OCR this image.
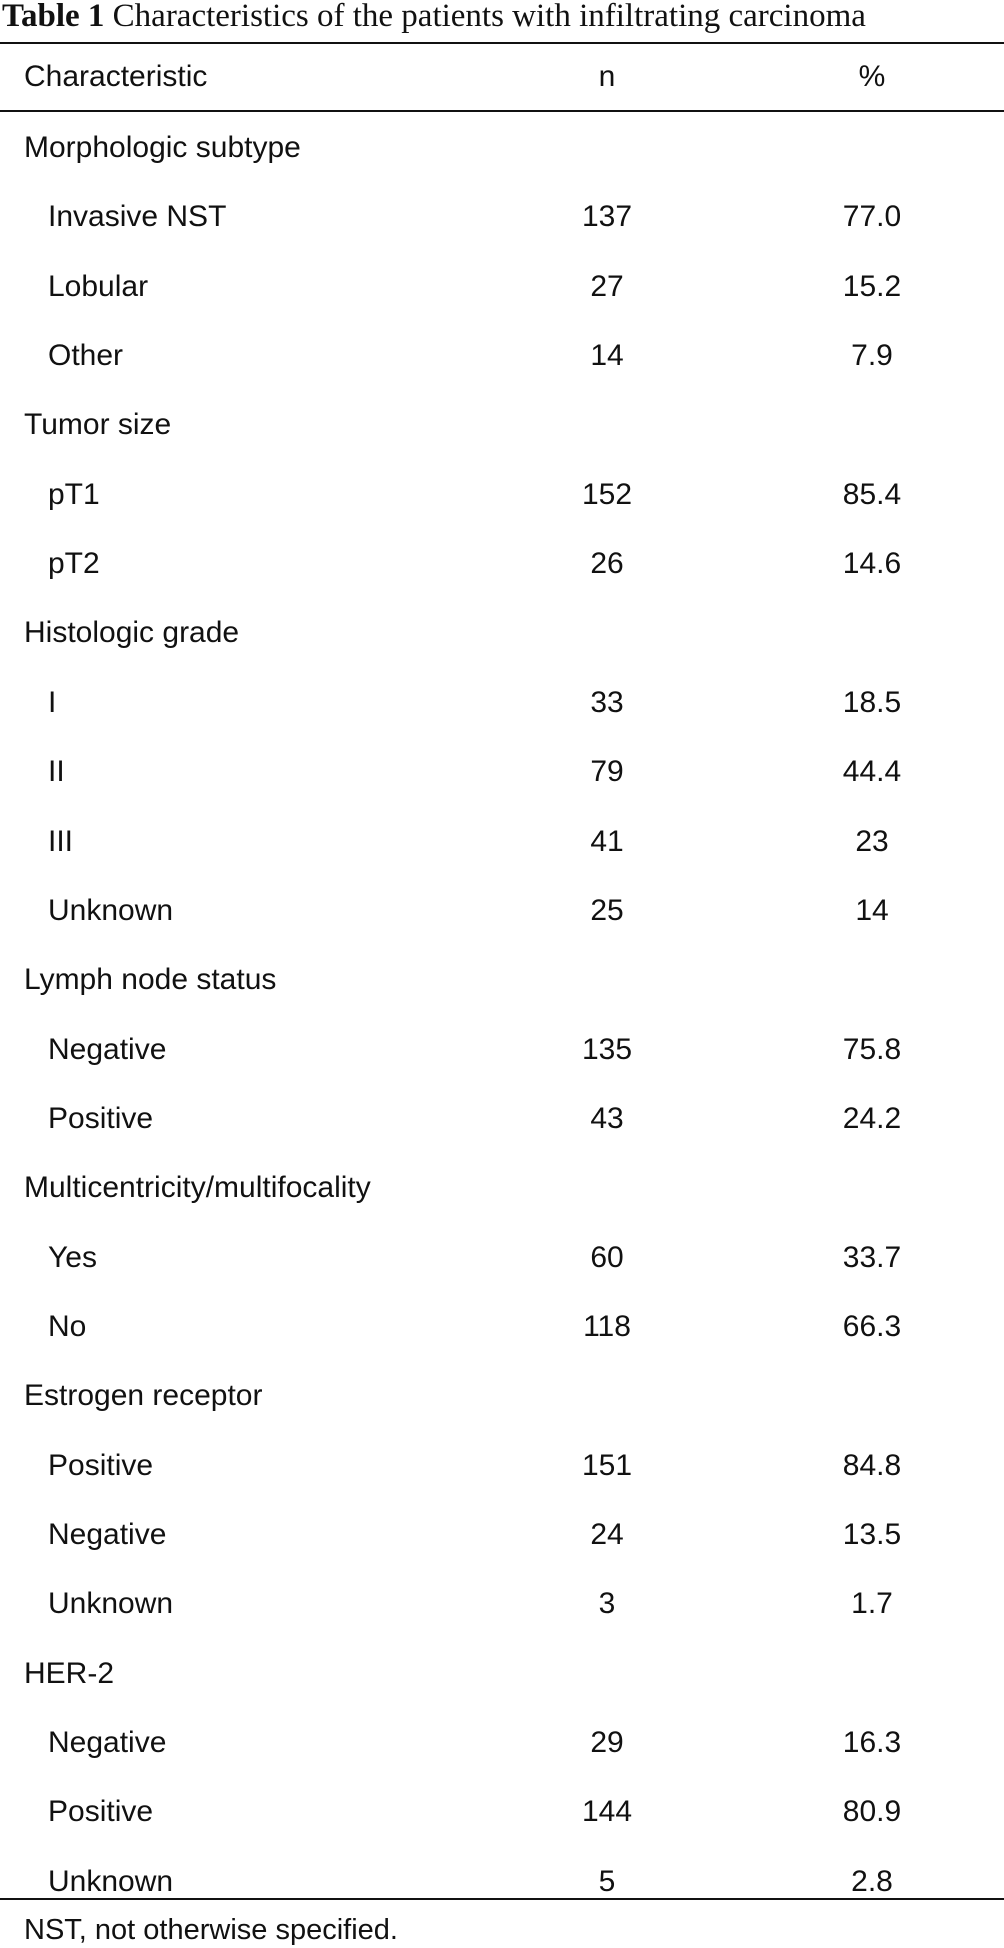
Table 1 Characteristics of the patients with infiltrating carcinoma
Characteristic	n	%
Morphologic subtype
Invasive NST	137	77.0
Lobular	27	15.2
Other	14	7.9
Tumor size
pT1	152	85.4
pT2	26	14.6
Histologic grade
I	33	18.5
II	79	44.4
III	41	23
Unknown	25	14
Lymph node status
Negative	135	75.8
Positive	43	24.2
Multicentricity/multifocality
Yes	60	33.7
No	118	66.3
Estrogen receptor
Positive	151	84.8
Negative	24	13.5
Unknown	3	1.7
HER-2
Negative	29	16.3
Positive	144	80.9
Unknown	5	2.8
NST, not otherwise specified.
